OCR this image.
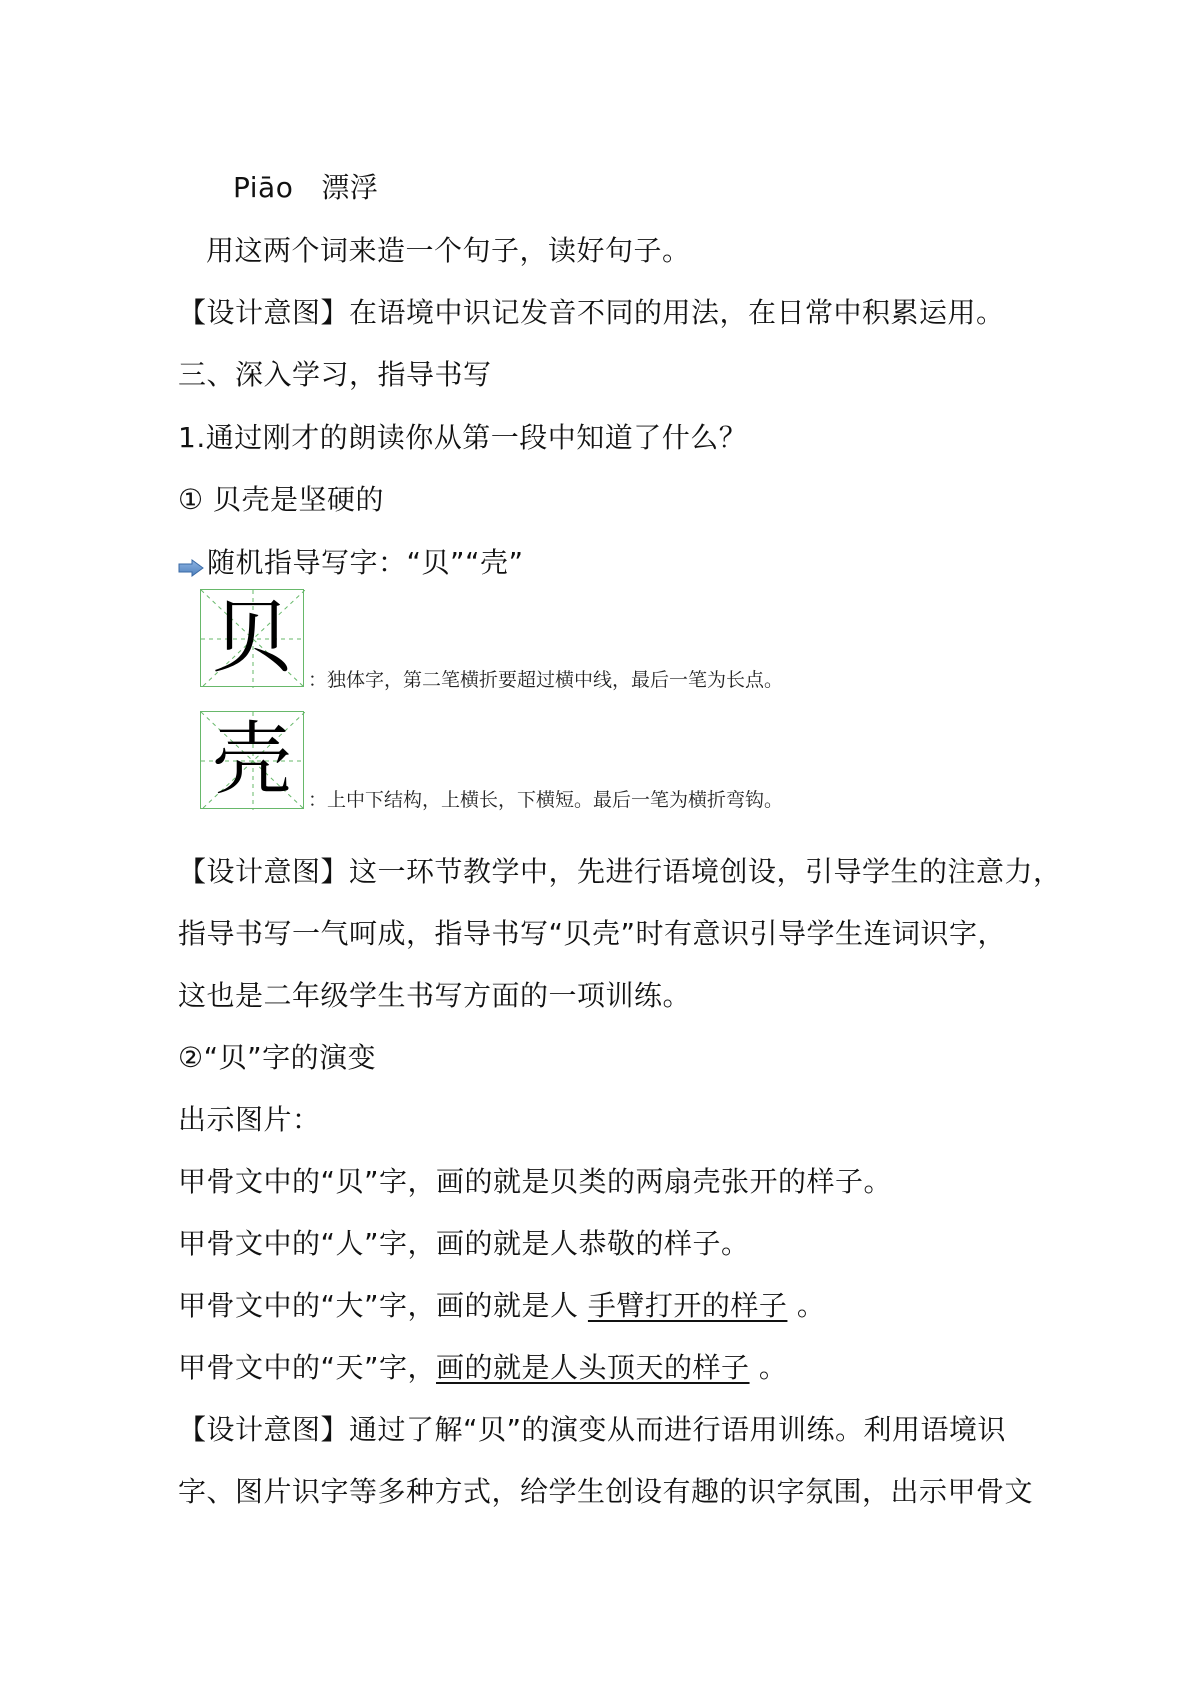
Piāo 漂浮
用这两个词来造一个句子，读好句子。
【设计意图】在语境中识记发音不同的用法，在日常中积累运用。
三、深入学习，指导书写
1.通过刚才的朗读你从第一段中知道了什么？
① 贝壳是坚硬的
随机指导写字：“贝”“壳”
贝 ：独体字，第二笔横折要超过横中线，最后一笔为长点。
壳 ：上中下结构，上横长，下横短。最后一笔为横折弯钩。
【设计意图】这一环节教学中，先进行语境创设，引导学生的注意力，
指导书写一气呵成，指导书写“贝壳”时有意识引导学生连词识字，
这也是二年级学生书写方面的一项训练。
②“贝”字的演变
出示图片：
甲骨文中的“贝”字，画的就是贝类的两扇壳张开的样子。
甲骨文中的“人”字，画的就是人恭敬的样子。
甲骨文中的“大”字，画的就是人 手臂打开的样子 。
甲骨文中的“天”字，画的就是人头顶天的样子 。
【设计意图】通过了解“贝”的演变从而进行语用训练。利用语境识
字、图片识字等多种方式，给学生创设有趣的识字氛围，出示甲骨文
